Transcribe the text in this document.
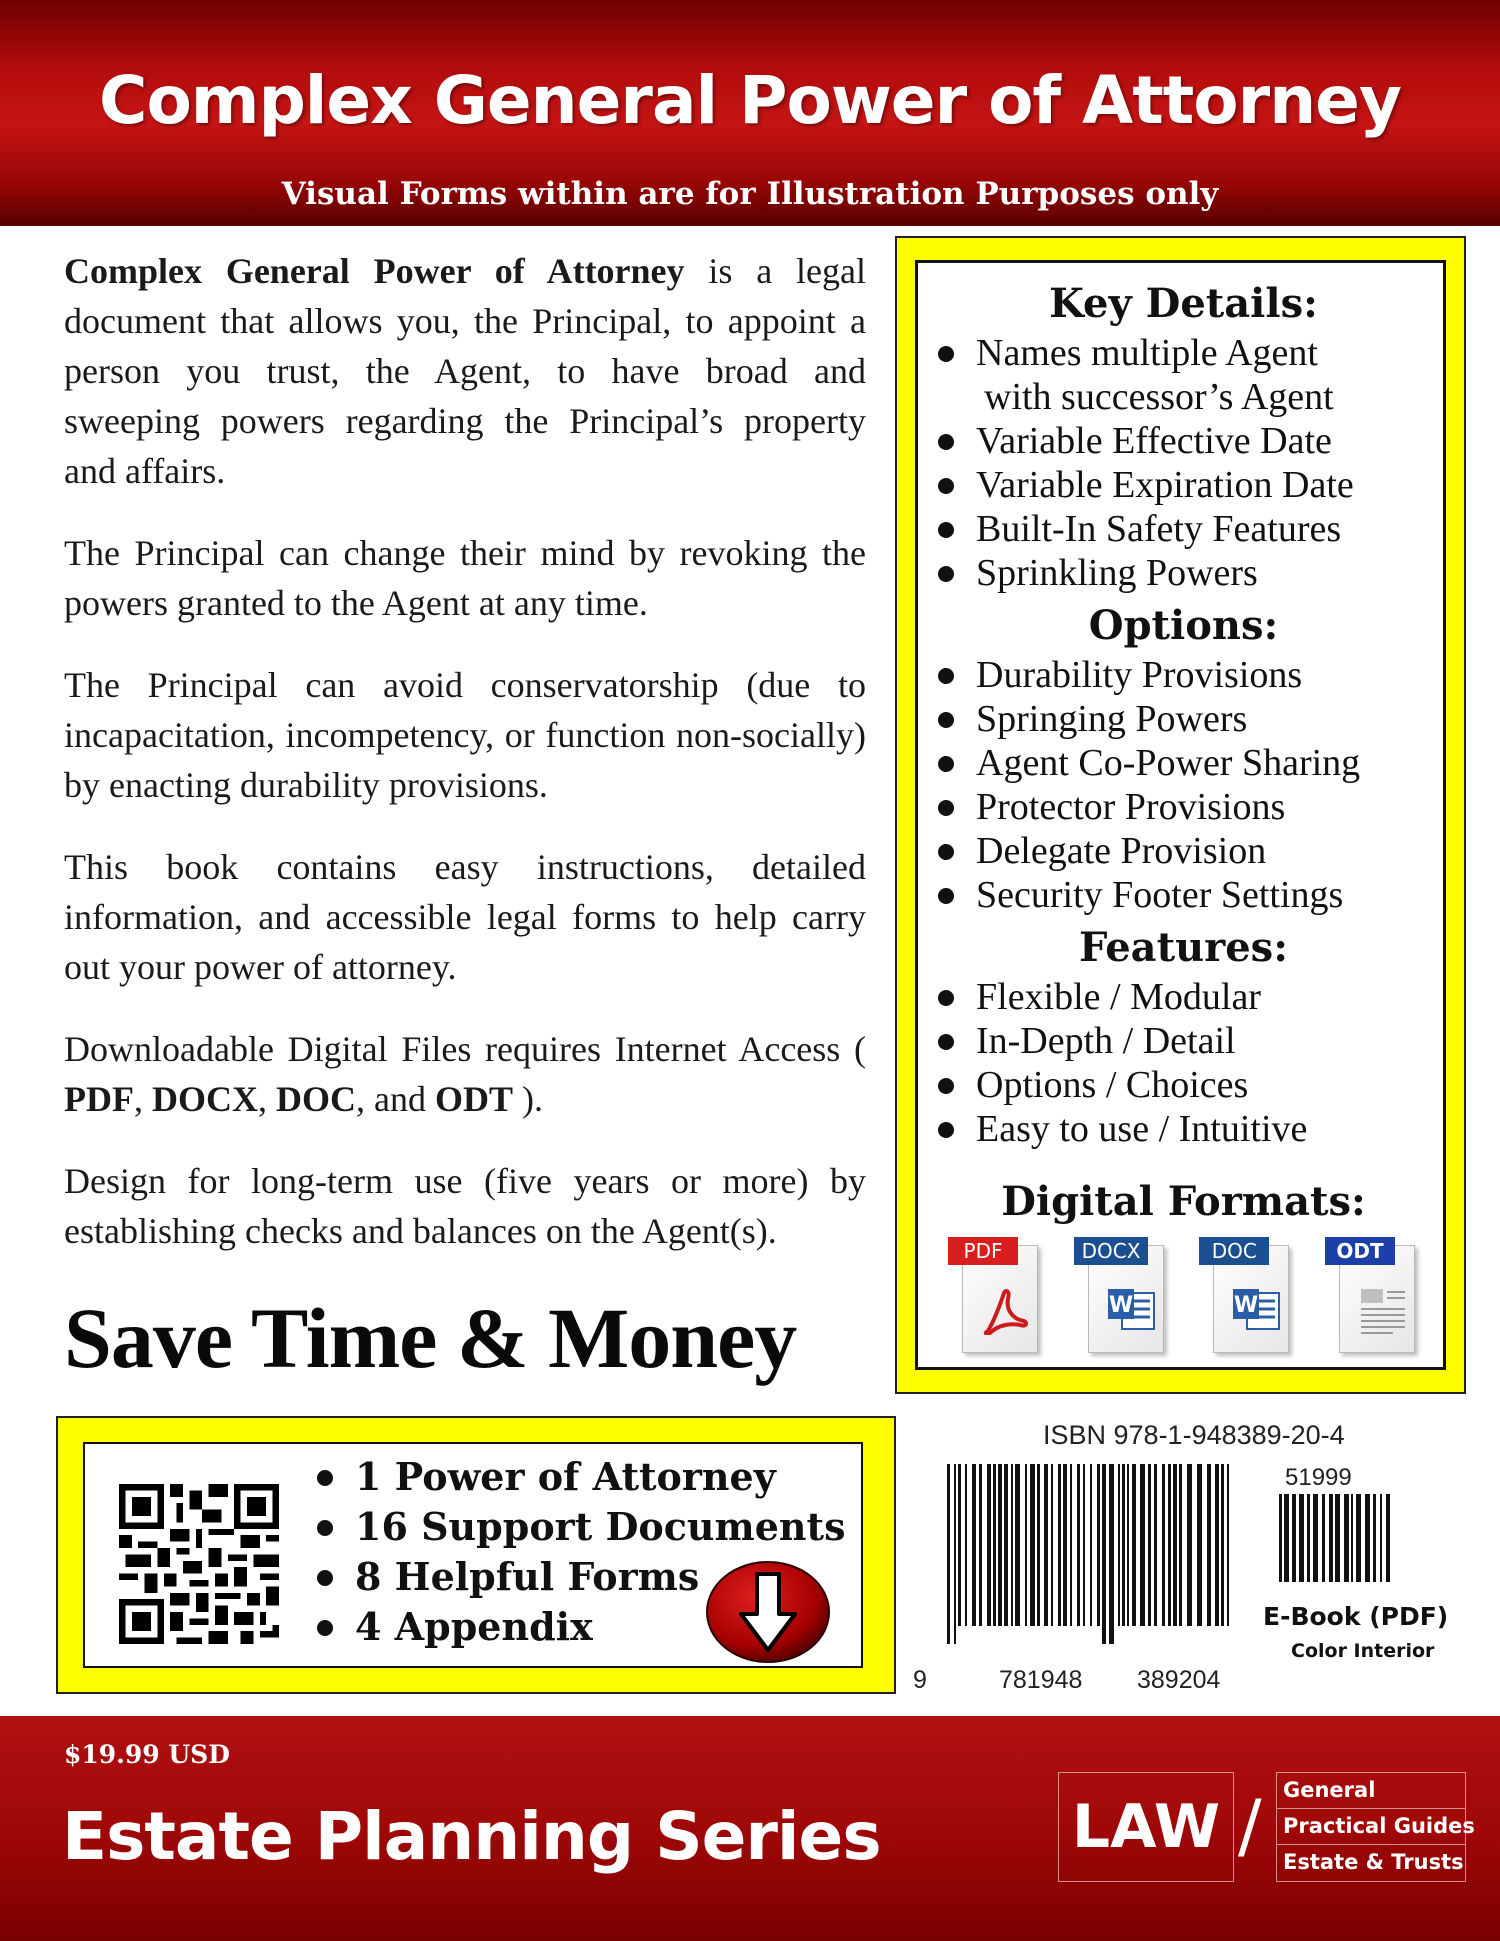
Complex General Power of Attorney
Visual Forms within are for Illustration Purposes only

Complex General Power of Attorney is a legal document that allows you, the Principal, to appoint a person you trust, the Agent, to have broad and sweeping powers regarding the Principal’s property and affairs.

The Principal can change their mind by revoking the powers granted to the Agent at any time.

The Principal can avoid conservatorship (due to incapacitation, incompetency, or function non-socially) by enacting durability provisions.

This book contains easy instructions, detailed information, and accessible legal forms to help carry out your power of attorney.

Downloadable Digital Files requires Internet Access ( PDF, DOCX, DOC, and ODT ).

Design for long-term use (five years or more) by establishing checks and balances on the Agent(s).

Save Time & Money
Key Details:
Names multiple Agent
with successor’s Agent
Variable Effective Date
Variable Expiration Date
Built-In Safety Features
Sprinkling Powers
Options:
Durability Provisions
Springing Powers
Agent Co-Power Sharing
Protector Provisions
Delegate Provision
Security Footer Settings
Features:
Flexible / Modular
In-Depth / Detail
Options / Choices
Easy to use / Intuitive
Digital Formats:
PDF	DOCX
W
DOC
W
ODT
1 Power of Attorney
16 Support Documents
8 Helpful Forms
4 Appendix
ISBN 978-1-948389-20-4
51999
9	781948 389204
E-Book (PDF)
Color Interior
$19.99 USD
Estate Planning Series	LAW /	General
Practical Guides
Estate & Trusts
